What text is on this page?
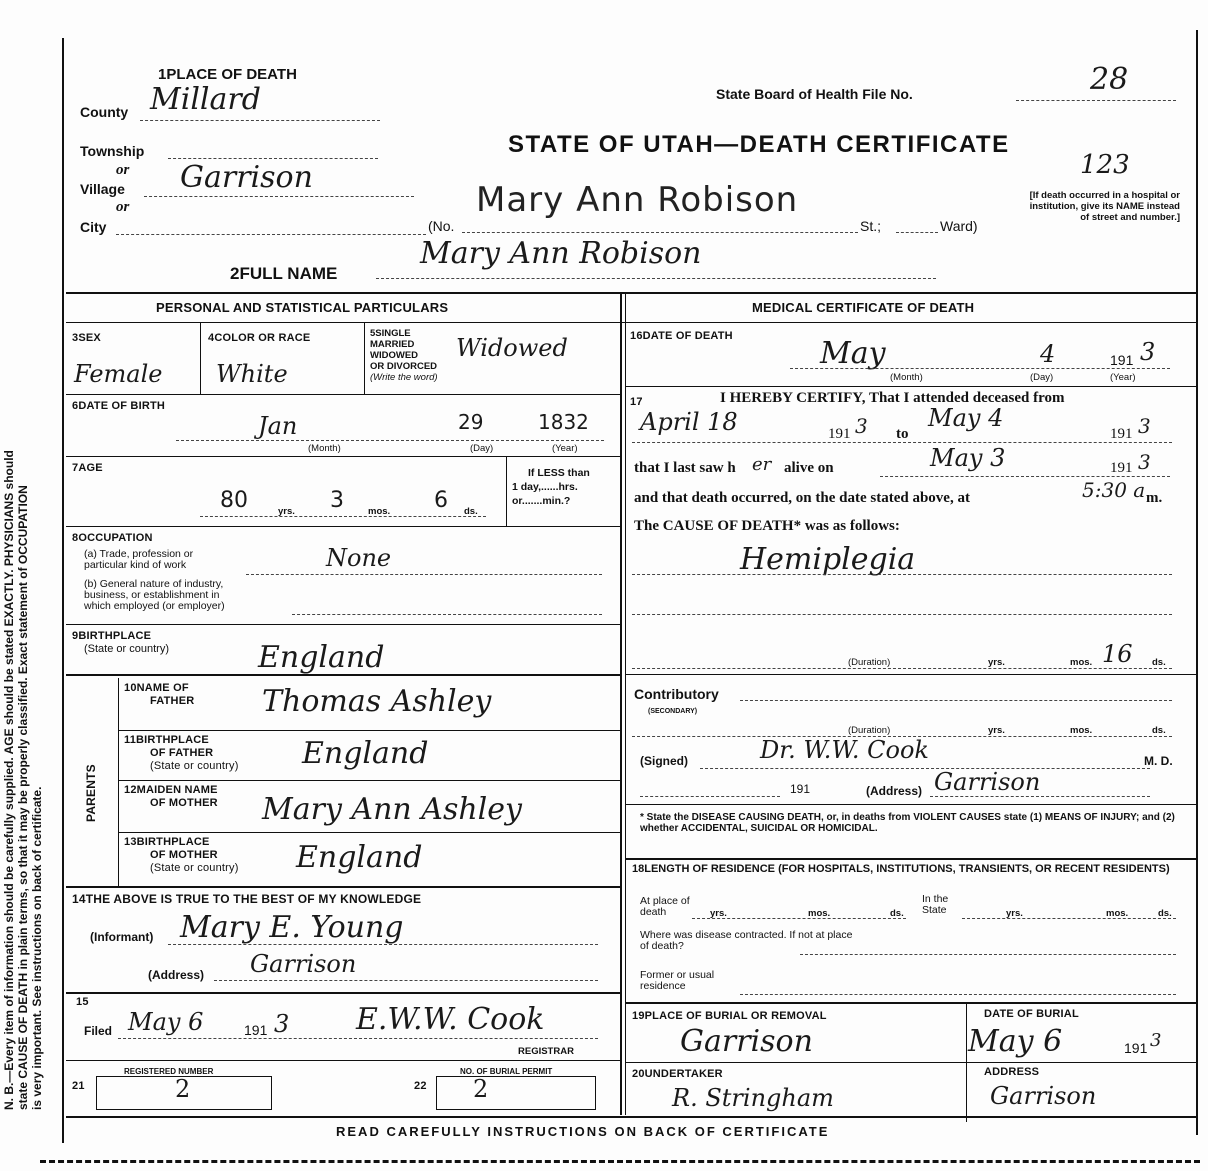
N. B.—Every item of information should be carefully supplied. AGE should be stated EXACTLY. PHYSICIANS should state CAUSE OF DEATH in plain terms, so that it may be properly classified. Exact statement of OCCUPATION is very important. See instructions on back of certificate.
1PLACE OF DEATH
County Millard
Township
or
Village Garrison
or
City
State Board of Health File No.	28
STATE OF UTAH—DEATH CERTIFICATE
123
Mary Ann Robison
(No.	St.;	Ward)
[If death occurred in a hospital or institution, give its NAME instead of street and number.]
2FULL NAME
Mary Ann Robison
PERSONAL AND STATISTICAL PARTICULARS
3SEX
Female
4COLOR OR RACE
White
5SINGLE
MARRIED
WIDOWED
OR DIVORCED
(Write the word)
Widowed
6DATE OF BIRTH
Jan	29	1832
(Month)	(Day)	(Year)
7AGE
80	yrs. 3	mos. 6 ds.
If LESS than
1 day,......hrs.
or.......min.?
8OCCUPATION
(a) Trade, profession or
particular kind of work
(b) General nature of industry,
business, or establishment in
which employed (or employer)
None
9BIRTHPLACE
(State or country)	England
PARENTS
10NAME OF
FATHER Thomas Ashley
11BIRTHPLACE
OF FATHER
(State or country) England
12MAIDEN NAME
OF MOTHER Mary Ann Ashley
13BIRTHPLACE
OF MOTHER
(State or country) England
14THE ABOVE IS TRUE TO THE BEST OF MY KNOWLEDGE
(Informant) Mary E. Young
(Address) Garrison
15
Filed May 6	191 3 E.W.W. Cook
REGISTRAR
21
REGISTERED NUMBER
2	22
NO. OF BURIAL PERMIT
2
MEDICAL CERTIFICATE OF DEATH
16DATE OF DEATH	May	4	191 3
(Month)	(Day)	(Year)
17	I HEREBY CERTIFY, That I attended deceased from
April 18	191 3 to
May 4
191 3
that I last saw h er alive on	May 3	191 3
and that death occurred, on the date stated above, at	5:30 a m.
The CAUSE OF DEATH* was as follows:
Hemiplegia
(Duration)	yrs.	mos. 16 ds.
Contributory
(SECONDARY)
(Duration)	yrs.	mos.	ds.
(Signed)	Dr. W.W. Cook	M. D.
191	(Address) Garrison
* State the DISEASE CAUSING DEATH, or, in deaths from VIOLENT CAUSES state (1) MEANS OF INJURY; and (2) whether ACCIDENTAL, SUICIDAL OR HOMICIDAL.
18LENGTH OF RESIDENCE (FOR HOSPITALS, INSTITUTIONS, TRANSIENTS, OR RECENT RESIDENTS)
At place of death	yrs.	mos.	ds.
In the State	yrs.	mos.	ds.
Where was disease contracted. If not at place of death?
Former or usual residence
19PLACE OF BURIAL OR REMOVAL
Garrison
DATE OF BURIAL
May 6	191 3
20UNDERTAKER
R. Stringham
ADDRESS
Garrison
READ CAREFULLY INSTRUCTIONS ON BACK OF CERTIFICATE
